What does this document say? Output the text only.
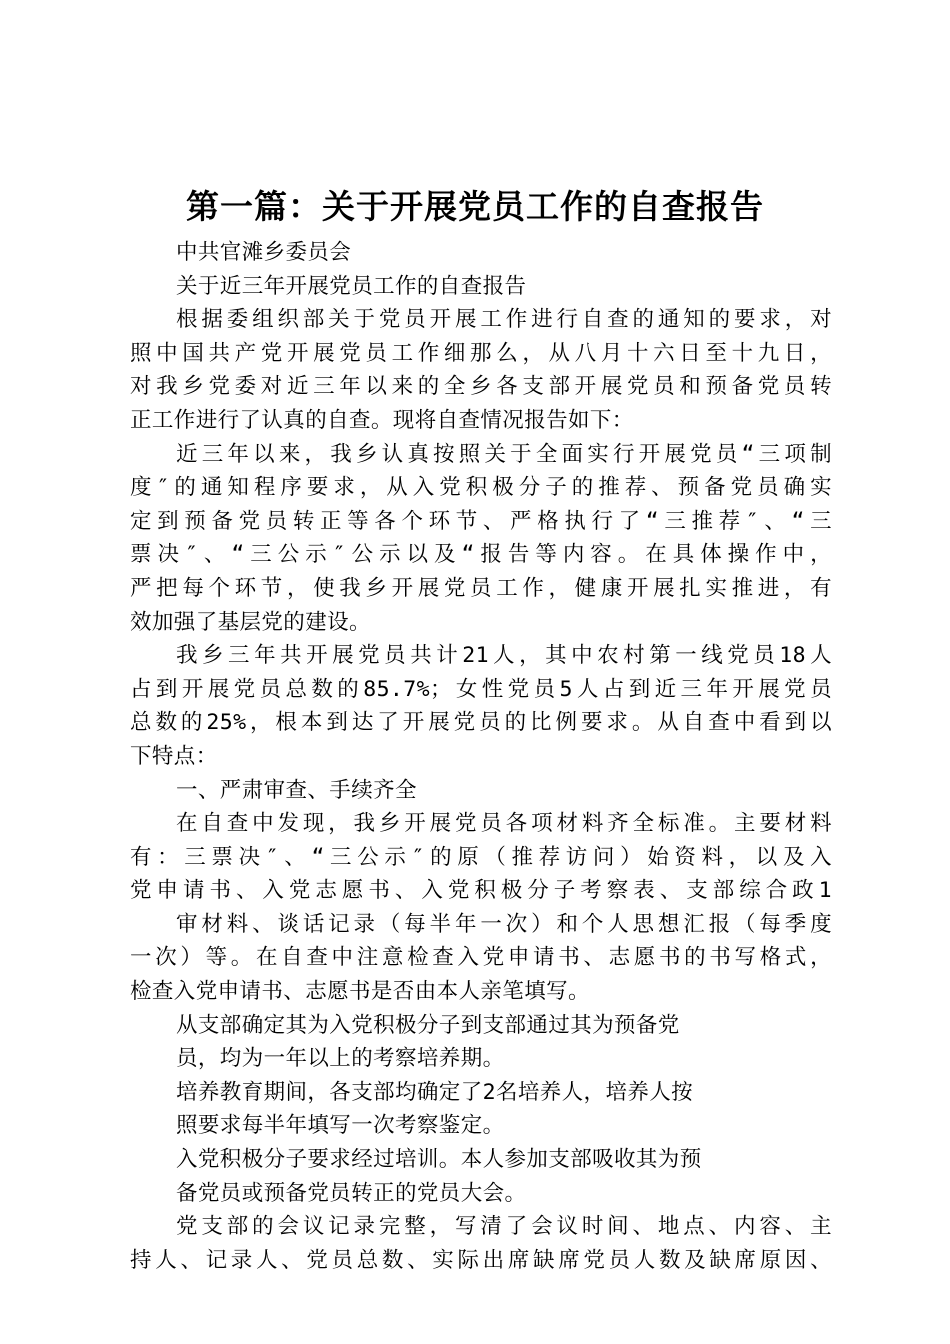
第一篇：关于开展党员工作的自查报告
中共官滩乡委员会
关于近三年开展党员工作的自查报告
根据委组织部关于党员开展工作进行自查的通知的要求，对
照中国共产党开展党员工作细那么，从八月十六日至十九日，
对我乡党委对近三年以来的全乡各支部开展党员和预备党员转
正工作进行了认真的自查。现将自查情况报告如下：
近三年以来，我乡认真按照关于全面实行开展党员“三项制
度″的通知程序要求，从入党积极分子的推荐、预备党员确实
定到预备党员转正等各个环节、严格执行了“三推荐″、“三
票决″、“三公示″公示以及“报告等内容。在具体操作中，
严把每个环节，使我乡开展党员工作，健康开展扎实推进，有
效加强了基层党的建设。
我乡三年共开展党员共计21人，其中农村第一线党员18人
占到开展党员总数的85.7%；女性党员5人占到近三年开展党员
总数的25%，根本到达了开展党员的比例要求。从自查中看到以
下特点：
一、严肃审查、手续齐全
在自查中发现，我乡开展党员各项材料齐全标准。主要材料
有：三票决″、“三公示″的原（推荐访问）始资料，以及入
党申请书、入党志愿书、入党积极分子考察表、支部综合政1
审材料、谈话记录（每半年一次）和个人思想汇报（每季度
一次）等。在自查中注意检查入党申请书、志愿书的书写格式，
检查入党申请书、志愿书是否由本人亲笔填写。
从支部确定其为入党积极分子到支部通过其为预备党
员，均为一年以上的考察培养期。
培养教育期间，各支部均确定了2名培养人，培养人按
照要求每半年填写一次考察鉴定。
入党积极分子要求经过培训。本人参加支部吸收其为预
备党员或预备党员转正的党员大会。
党支部的会议记录完整，写清了会议时间、地点、内容、主
持人、记录人、党员总数、实际出席缺席党员人数及缺席原因、
